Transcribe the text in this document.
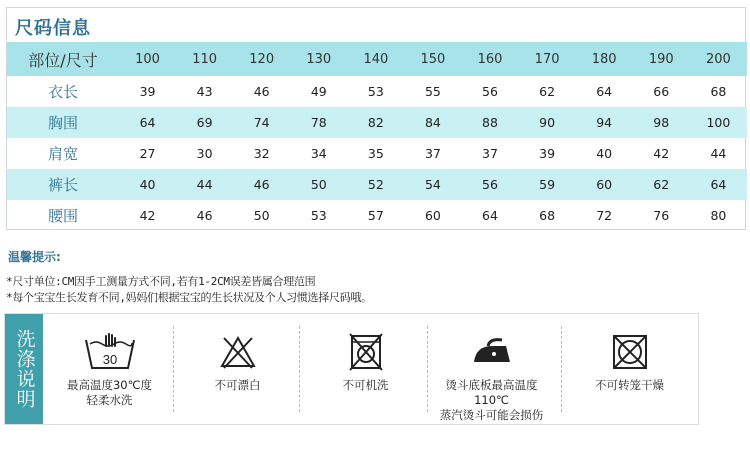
尺码信息
部位/尺寸	100	110	120	130	140	150	160	170	180	190	200
衣长	39	43	46	49	53	55	56	62	64	66	68
胸围	64	69	74	78	82	84	88	90	94	98	100
肩宽	27	30	32	34	35	37	37	39	40	42	44
裤长	40	44	46	50	52	54	56	59	60	62	64
腰围	42	46	50	53	57	60	64	68	72	76	80
温馨提示:
*尺寸单位:CM因手工测量方式不同,若有1-2CM误差皆属合理范围
*每个宝宝生长发育不同,妈妈们根据宝宝的生长状况及个人习惯选择尺码哦。
洗涤说明	30
最高温度30℃度
轻柔水洗
不可漂白	不可机洗	烫斗底板最高温度110℃
蒸汽烫斗可能会损伤
不可转笼干燥
